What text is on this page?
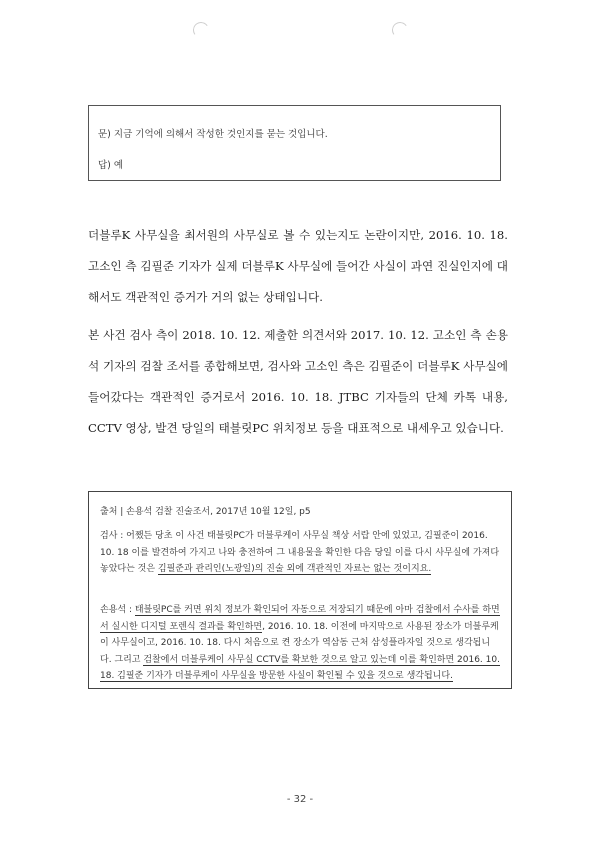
문) 지금 기억에 의해서 작성한 것인지를 묻는 것입니다.
답) 예

더블루K 사무실을 최서원의 사무실로 볼 수 있는지도 논란이지만, 2016. 10. 18. 고소인 측 김필준 기자가 실제 더블루K 사무실에 들어간 사실이 과연 진실인지에 대해서도 객관적인 증거가 거의 없는 상태입니다.

본 사건 검사 측이 2018. 10. 12. 제출한 의견서와 2017. 10. 12. 고소인 측 손용석 기자의 검찰 조서를 종합해보면, 검사와 고소인 측은 김필준이 더블루K 사무실에 들어갔다는 객관적인 증거로서 2016. 10. 18. JTBC 기자들의 단체 카톡 내용, CCTV 영상, 발견 당일의 태블릿PC 위치정보 등을 대표적으로 내세우고 있습니다.

출처 | 손용석 검찰 진술조서, 2017년 10월 12일, p5

검사 : 어쨌든 당초 이 사건 태블릿PC가 더블루케이 사무실 책상 서랍 안에 있었고, 김필준이 2016. 10. 18 이를 발견하여 가지고 나와 충전하여 그 내용물을 확인한 다음 당일 이를 다시 사무실에 가져다 놓았다는 것은 김필준과 관리인(노광일)의 진술 외에 객관적인 자료는 없는 것이지요.

손용석 : 태블릿PC를 커면 위치 정보가 확인되어 자동으로 저장되기 때문에 아마 검찰에서 수사를 하면서 실시한 디지털 포렌식 결과를 확인하면, 2016. 10. 18. 이전에 마지막으로 사용된 장소가 더블루케이 사무실이고, 2016. 10. 18. 다시 처음으로 켠 장소가 역삼동 근처 삼성플라자일 것으로 생각됩니다. 그리고 검찰에서 더블루케이 사무실 CCTV를 확보한 것으로 알고 있는데 이를 확인하면 2016. 10. 18. 김필준 기자가 더블루케이 사무실을 방문한 사실이 확인될 수 있을 것으로 생각됩니다.

- 32 -
